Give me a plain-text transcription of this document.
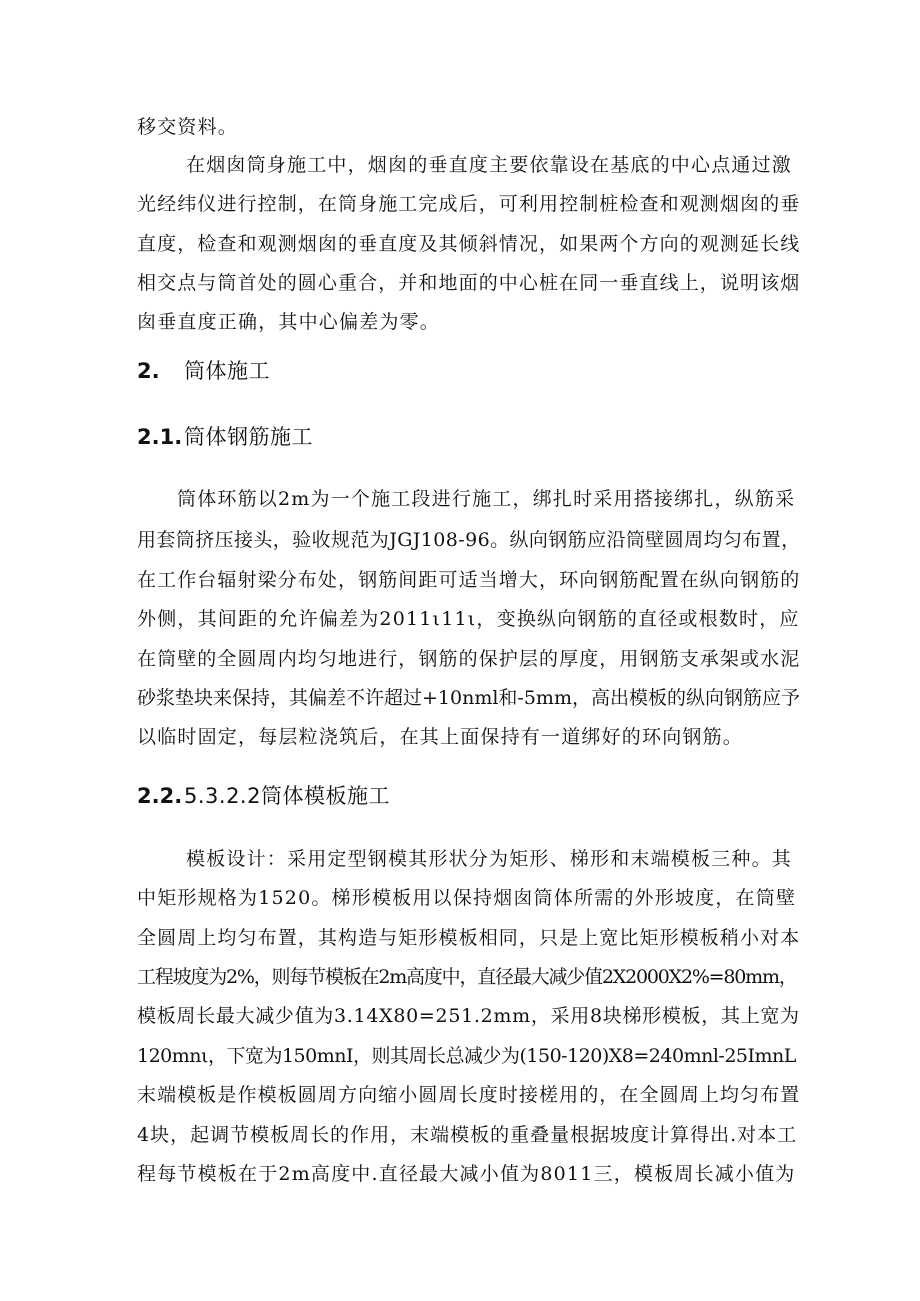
移交资料。
在烟囱筒身施工中，烟囱的垂直度主要依靠设在基底的中心点通过激
光经纬仪进行控制，在筒身施工完成后，可利用控制桩检查和观测烟囱的垂
直度，检查和观测烟囱的垂直度及其倾斜情况，如果两个方向的观测延长线
相交点与筒首处的圆心重合，并和地面的中心桩在同一垂直线上，说明该烟
囱垂直度正确，其中心偏差为零。
2. 筒体施工
2.1.筒体钢筋施工
筒体环筋以2m为一个施工段进行施工，绑扎时采用搭接绑扎，纵筋采
用套筒挤压接头，验收规范为JGJ108-96。纵向钢筋应沿筒壁圆周均匀布置，
在工作台辐射梁分布处，钢筋间距可适当增大，环向钢筋配置在纵向钢筋的
外侧，其间距的允许偏差为2011ι11ι，变换纵向钢筋的直径或根数时，应
在筒壁的全圆周内均匀地进行，钢筋的保护层的厚度，用钢筋支承架或水泥
砂浆垫块来保持，其偏差不许超过+10nml和-5mm，高出模板的纵向钢筋应予
以临时固定，每层粒浇筑后，在其上面保持有一道绑好的环向钢筋。
2.2.5.3.2.2筒体模板施工
模板设计：采用定型钢模其形状分为矩形、梯形和末端模板三种。其
中矩形规格为1520。梯形模板用以保持烟囱筒体所需的外形坡度，在筒壁
全圆周上均匀布置，其构造与矩形模板相同，只是上宽比矩形模板稍小对本
工程坡度为2%，则每节模板在2m高度中，直径最大减少值2X2000X2%=80mm，
模板周长最大减少值为3.14X80=251.2mm，采用8块梯形模板，其上宽为
120mnι，下宽为150mnI，则其周长总减少为(150-120)X8=240mnl-25ImnL
末端模板是作模板圆周方向缩小圆周长度时接槎用的，在全圆周上均匀布置
4块，起调节模板周长的作用，末端模板的重叠量根据坡度计算得出.对本工
程每节模板在于2m高度中.直径最大减小值为8011三，模板周长减小值为
